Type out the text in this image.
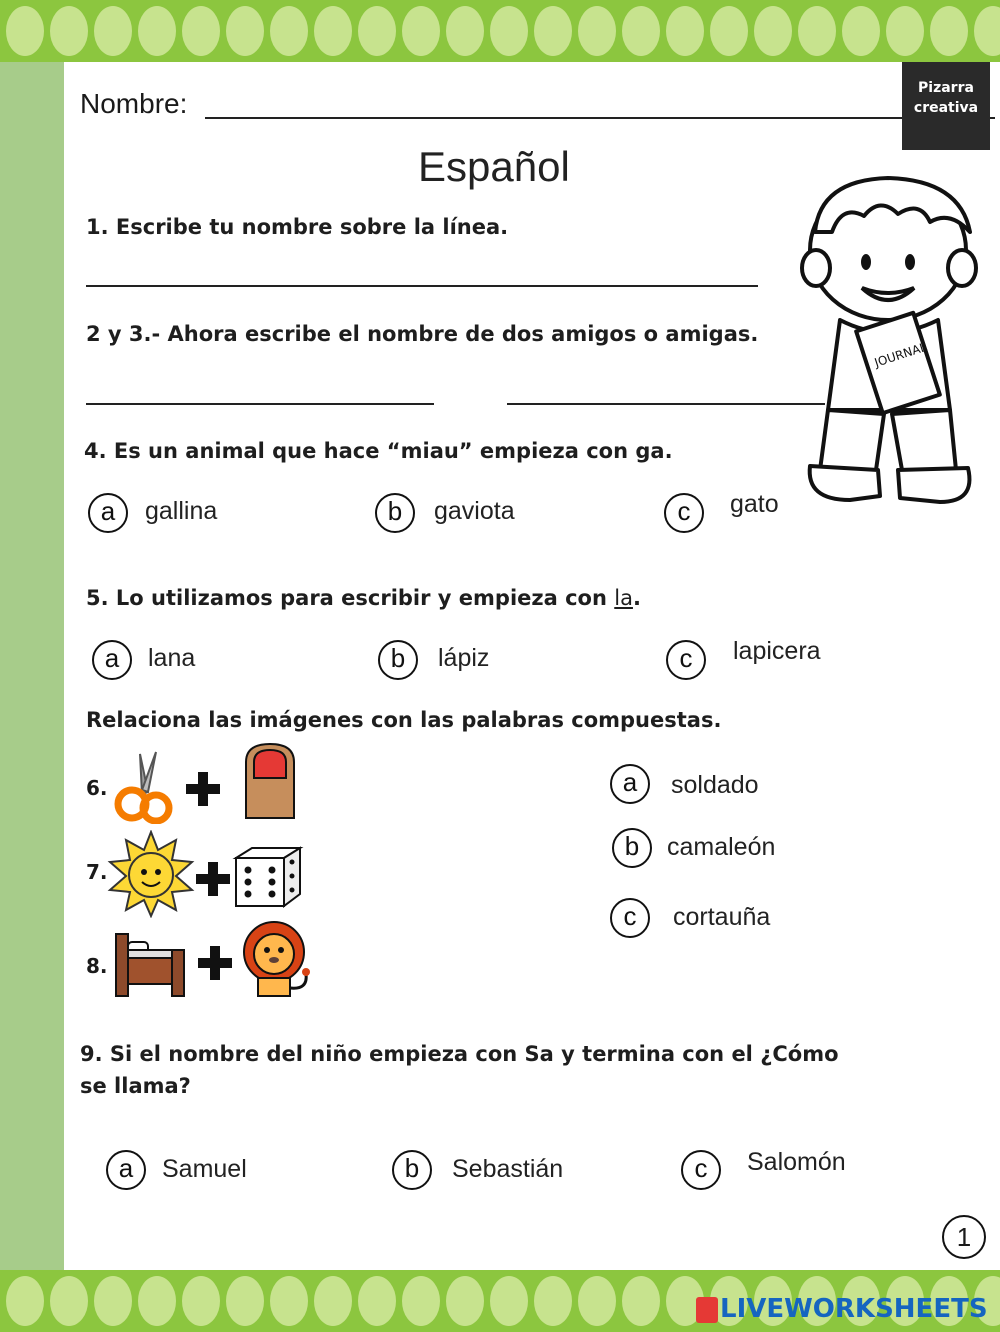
Nombre:	Pizarra
creativa
Español
JOURNAL
1. Escribe tu nombre sobre la línea.
2 y 3.- Ahora escribe el nombre de dos amigos o amigas.
4. Es un animal que hace “miau” empieza con ga.
a	gallina	b	gaviota	c	gato
5. Lo utilizamos para escribir y empieza con la.
a	lana	b	lápiz	c	lapicera
Relaciona las imágenes con las palabras compuestas.
6.
7.
8.
a	soldado
b	camaleón
c	cortauña
9. Si el nombre del niño empieza con Sa y termina con el ¿Cómo
se llama?
a	Samuel	b	Sebastián	c	Salomón
1
LIVEWORKSHEETS
